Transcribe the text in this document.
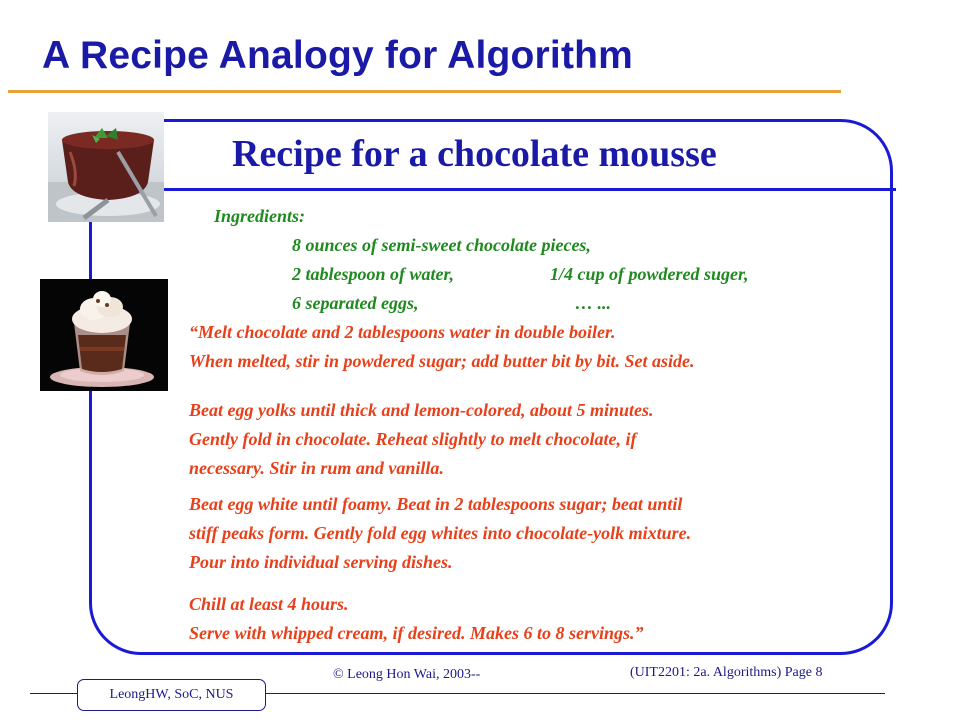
A Recipe Analogy for Algorithm
Recipe for a chocolate mousse
Ingredients:
8 ounces of semi-sweet chocolate pieces,
2 tablespoon of water,	1/4 cup of powdered suger,
6 separated eggs,	… ...
“Melt chocolate and 2 tablespoons water in double boiler.
When melted, stir in powdered sugar; add butter bit by bit. Set aside.
Beat egg yolks until thick and lemon-colored, about 5 minutes.
Gently fold in chocolate. Reheat slightly to melt chocolate, if
necessary. Stir in rum and vanilla.
Beat egg white until foamy. Beat in 2 tablespoons sugar; beat until
stiff peaks form. Gently fold egg whites into chocolate-yolk mixture.
Pour into individual serving dishes.
Chill at least 4 hours.
Serve with whipped cream, if desired. Makes 6 to 8 servings.”
© Leong Hon Wai, 2003--	(UIT2201: 2a. Algorithms) Page 8
LeongHW, SoC, NUS
